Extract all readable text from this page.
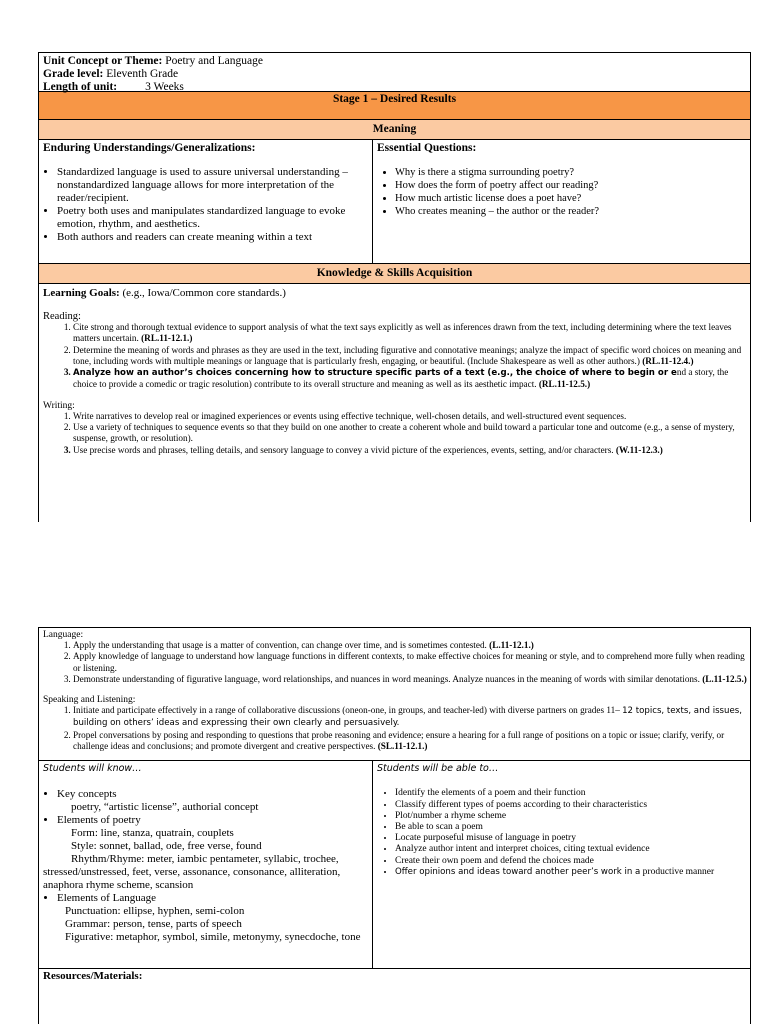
Unit Concept or Theme: Poetry and Language
Grade level: Eleventh Grade
Length of unit: 3 Weeks
Stage 1 – Desired Results
Meaning
Enduring Understandings/Generalizations:
• Standardized language is used to assure universal understanding – nonstandardized language allows for more interpretation of the reader/recipient.
• Poetry both uses and manipulates standardized language to evoke emotion, rhythm, and aesthetics.
• Both authors and readers can create meaning within a text
Essential Questions:
• Why is there a stigma surrounding poetry?
• How does the form of poetry affect our reading?
• How much artistic license does a poet have?
• Who creates meaning – the author or the reader?
Knowledge & Skills Acquisition
Learning Goals: (e.g., Iowa/Common core standards.)
Reading:
1. Cite strong and thorough textual evidence to support analysis of what the text says explicitly as well as inferences drawn from the text, including determining where the text leaves matters uncertain. (RL.11-12.1.)
2. Determine the meaning of words and phrases as they are used in the text, including figurative and connotative meanings; analyze the impact of specific word choices on meaning and tone, including words with multiple meanings or language that is particularly fresh, engaging, or beautiful. (Include Shakespeare as well as other authors.) (RL.11-12.4.)
3. Analyze how an author’s choices concerning how to structure specific parts of a text (e.g., the choice of where to begin or end a story, the choice to provide a comedic or tragic resolution) contribute to its overall structure and meaning as well as its aesthetic impact. (RL.11-12.5.)
Writing:
1. Write narratives to develop real or imagined experiences or events using effective technique, well-chosen details, and well-structured event sequences.
2. Use a variety of techniques to sequence events so that they build on one another to create a coherent whole and build toward a particular tone and outcome (e.g., a sense of mystery, suspense, growth, or resolution).
3. Use precise words and phrases, telling details, and sensory language to convey a vivid picture of the experiences, events, setting, and/or characters. (W.11-12.3.)
Language:
1. Apply the understanding that usage is a matter of convention, can change over time, and is sometimes contested. (L.11-12.1.)
2. Apply knowledge of language to understand how language functions in different contexts, to make effective choices for meaning or style, and to comprehend more fully when reading or listening.
3. Demonstrate understanding of figurative language, word relationships, and nuances in word meanings. Analyze nuances in the meaning of words with similar denotations. (L.11-12.5.)
Speaking and Listening:
1. Initiate and participate effectively in a range of collaborative discussions (oneon-one, in groups, and teacher-led) with diverse partners on grades 11– 12 topics, texts, and issues, building on others’ ideas and expressing their own clearly and persuasively.
2. Propel conversations by posing and responding to questions that probe reasoning and evidence; ensure a hearing for a full range of positions on a topic or issue; clarify, verify, or challenge ideas and conclusions; and promote divergent and creative perspectives. (SL.11-12.1.)
Students will know…
• Key concepts
poetry, “artistic license”, authorial concept
• Elements of poetry
Form: line, stanza, quatrain, couplets
Style: sonnet, ballad, ode, free verse, found

Rhythm/Rhyme: meter, iambic pentameter, syllabic, trochee, stressed/unstressed, feet, verse, assonance, consonance, alliteration, anaphora rhyme scheme, scansion
• Elements of Language
Punctuation: ellipse, hyphen, semi-colon
Grammar: person, tense, parts of speech

Figurative: metaphor, symbol, simile, metonymy, synecdoche, tone
Students will be able to…
• Identify the elements of a poem and their function
• Classify different types of poems according to their characteristics
• Plot/number a rhyme scheme
• Be able to scan a poem
• Locate purposeful misuse of language in poetry
• Analyze author intent and interpret choices, citing textual evidence
• Create their own poem and defend the choices made
• Offer opinions and ideas toward another peer’s work in a productive manner
Resources/Materials:
